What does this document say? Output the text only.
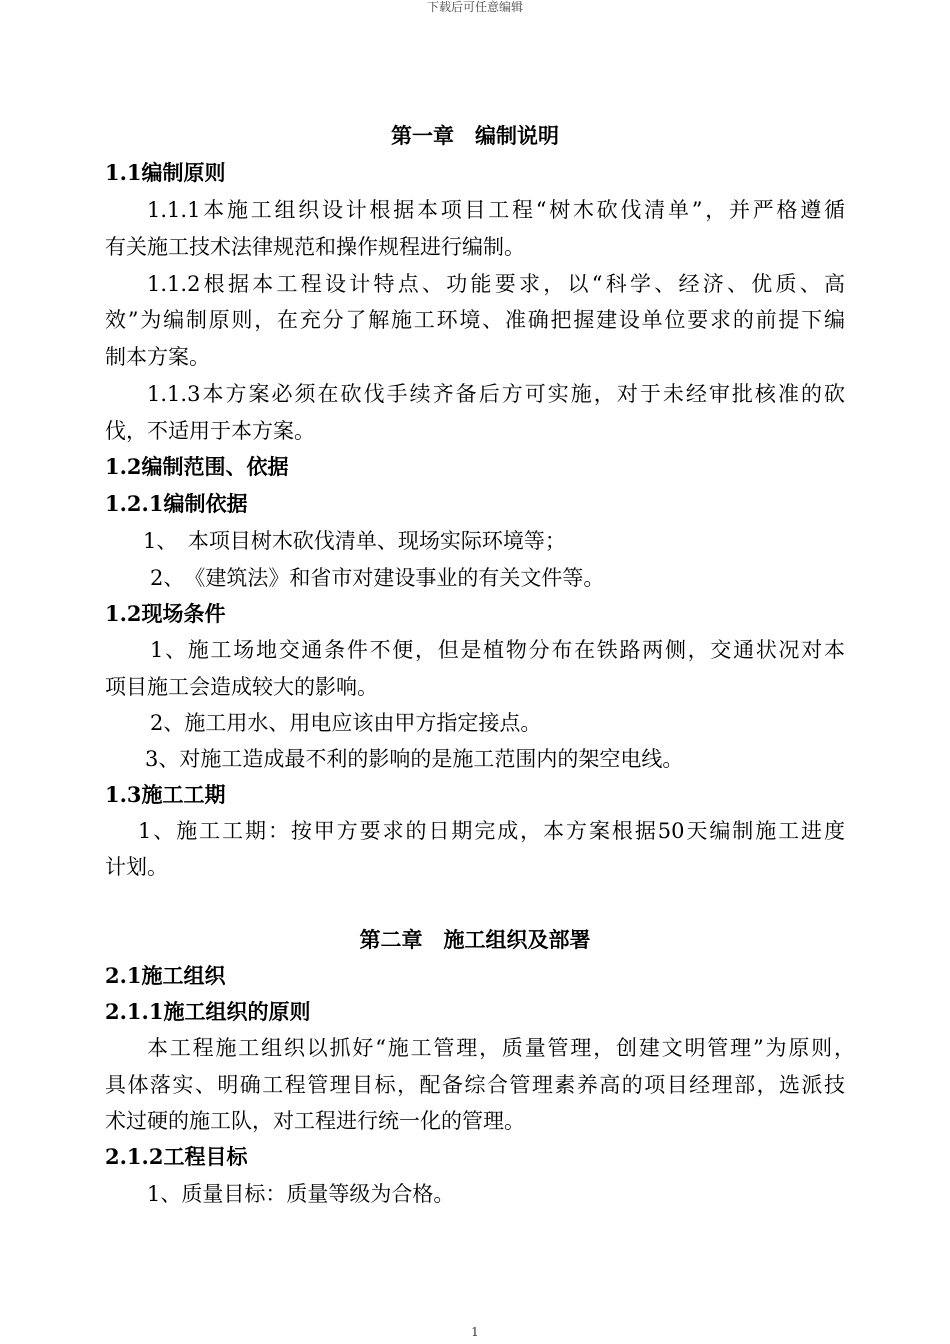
下载后可任意编辑
第一章　编制说明
1.1编制原则
1.1.1本施工组织设计根据本项目工程“树木砍伐清单”，并严格遵循
有关施工技术法律规范和操作规程进行编制。
1.1.2根据本工程设计特点、功能要求，以“科学、经济、优质、高
效”为编制原则，在充分了解施工环境、准确把握建设单位要求的前提下编
制本方案。
1.1.3本方案必须在砍伐手续齐备后方可实施，对于未经审批核准的砍
伐，不适用于本方案。
1.2编制范围、依据
1.2.1编制依据
1、　本项目树木砍伐清单、现场实际环境等；
2、　《建筑法》和省市对建设事业的有关文件等。
1.2现场条件
1、施工场地交通条件不便，但是植物分布在铁路两侧，交通状况对本
项目施工会造成较大的影响。
2、施工用水、用电应该由甲方指定接点。
3、对施工造成最不利的影响的是施工范围内的架空电线。
1.3施工工期
1、施工工期：按甲方要求的日期完成，本方案根据50天编制施工进度
计划。
第二章　施工组织及部署
2.1施工组织
2.1.1施工组织的原则
本工程施工组织以抓好“施工管理，质量管理，创建文明管理”为原则，
具体落实、明确工程管理目标，配备综合管理素养高的项目经理部，选派技
术过硬的施工队，对工程进行统一化的管理。
2.1.2工程目标
1、质量目标：质量等级为合格。
1
